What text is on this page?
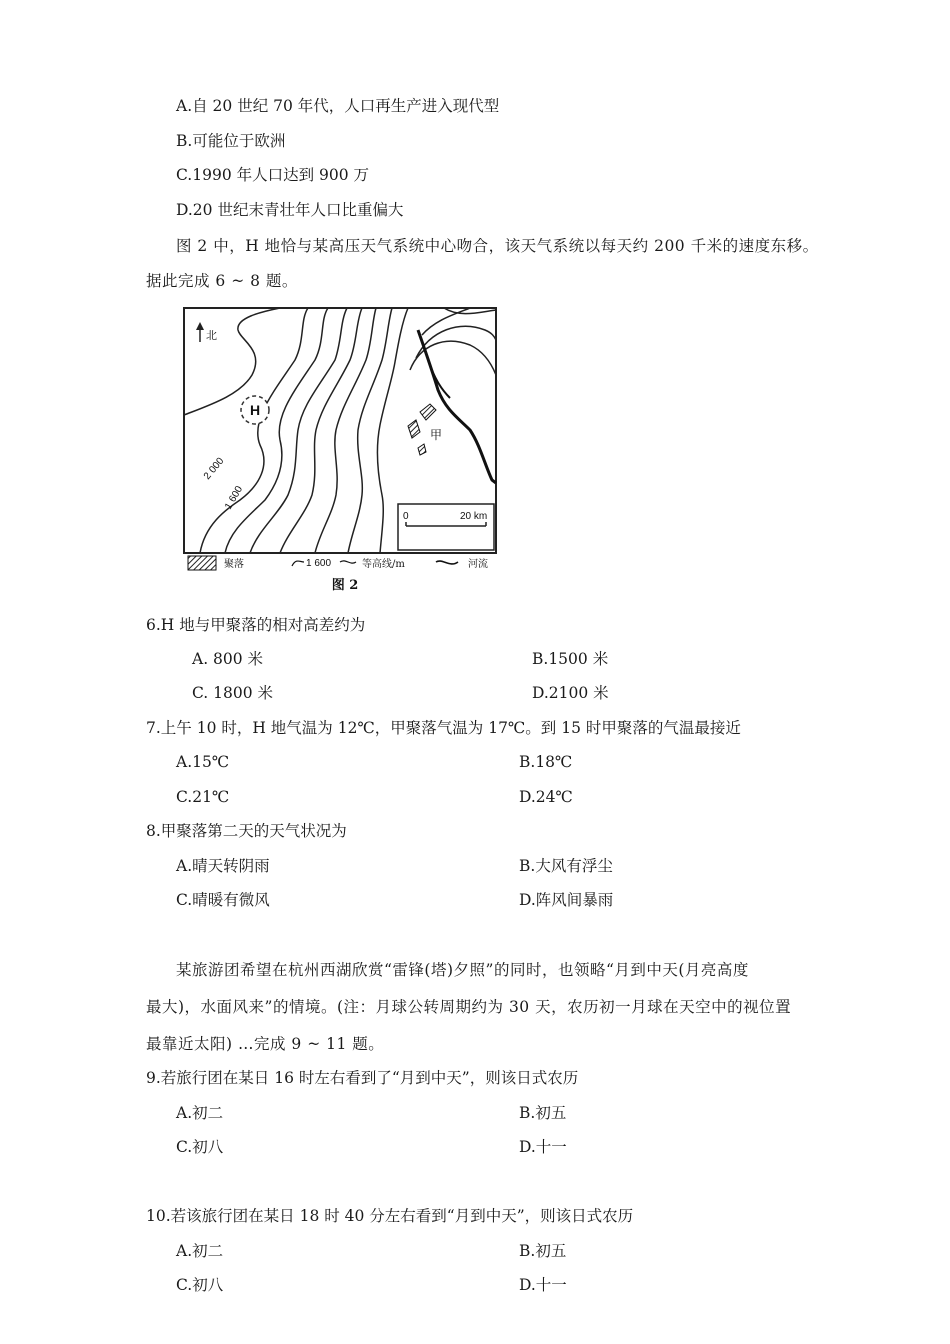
A.自 20 世纪 70 年代，人口再生产进入现代型
B.可能位于欧洲
C.1990 年人口达到 900 万
D.20 世纪末青壮年人口比重偏大
图 2 中，H 地恰与某高压天气系统中心吻合，该天气系统以每天约 200 千米的速度东移。
据此完成 6 ~ 8 题。
H
北
2 000
1 600
甲
0	20 km
聚落	1 600	等高线/m	河流
图 2
6.H 地与甲聚落的相对高差约为
A. 800 米	B.1500 米
C. 1800 米	D.2100 米
7.上午 10 时，H 地气温为 12℃，甲聚落气温为 17℃。到 15 时甲聚落的气温最接近
A.15℃	B.18℃
C.21℃	D.24℃
8.甲聚落第二天的天气状况为
A.晴天转阴雨	B.大风有浮尘
C.晴暖有微风	D.阵风间暴雨
某旅游团希望在杭州西湖欣赏“雷锋(塔)夕照”的同时，也领略“月到中天(月亮高度
最大)，水面风来”的情境。(注：月球公转周期约为 30 天，农历初一月球在天空中的视位置
最靠近太阳) …完成 9 ~ 11 题。
9.若旅行团在某日 16 时左右看到了“月到中天”，则该日式农历
A.初二	B.初五
C.初八	D.十一
10.若该旅行团在某日 18 时 40 分左右看到“月到中天”，则该日式农历
A.初二	B.初五
C.初八	D.十一
